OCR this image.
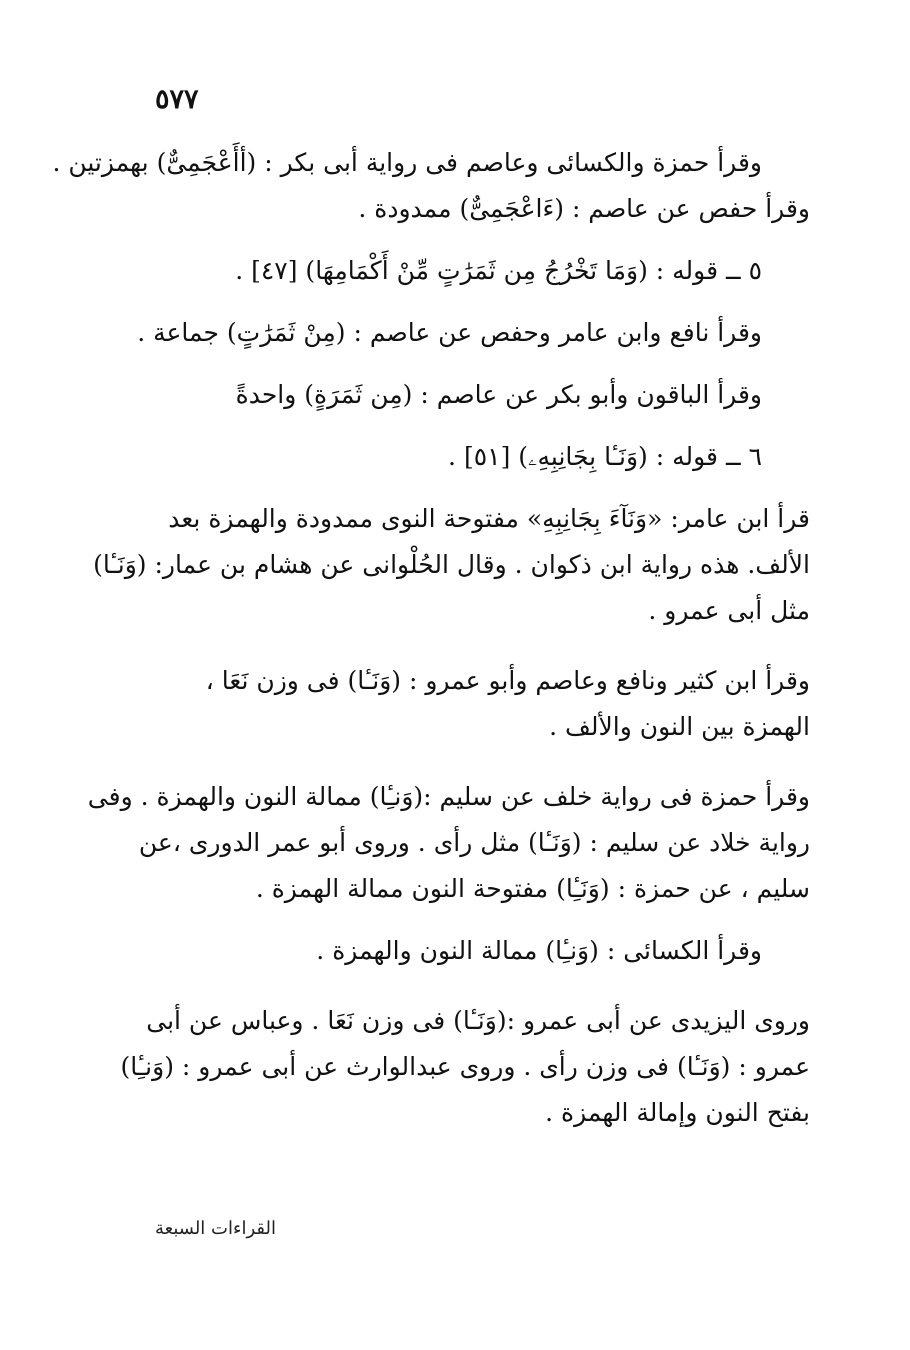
٥٧٧
وقرأ حمزة والكسائى وعاصم فى رواية أبى بكر : (أأَعْجَمِىٌّ) بهمزتين .
وقرأ حفص عن عاصم : (ءَاعْجَمِىٌّ) ممدودة .
٥ ــ قوله : (وَمَا تَخْرُجُ مِن ثَمَرَٰتٍ مِّنْ أَكْمَامِهَا) [٤٧] .
وقرأ نافع وابن عامر وحفص عن عاصم : (مِنْ ثَمَرَٰتٍ) جماعة .
وقرأ الباقون وأبو بكر عن عاصم : (مِن ثَمَرَةٍ) واحدةً
٦ ــ قوله : (وَنَـٔا بِجَانِبِهِۦ) [٥١] .
قرأ ابن عامر: «وَنَآءَ بِجَانِبِهِ» مفتوحة النوى ممدودة والهمزة بعد
الألف. هذه رواية ابن ذكوان . وقال الحُلْوانى عن هشام بن عمار: (وَنَـٔا)
مثل أبى عمرو .
وقرأ ابن كثير ونافع وعاصم وأبو عمرو : (وَنَـٔا) فى وزن نَعَا ،
الهمزة بين النون والألف .
وقرأ حمزة فى رواية خلف عن سليم :(وَنـِٔا) ممالة النون والهمزة . وفى
رواية خلاد عن سليم : (وَنَـٔا) مثل رأى . وروى أبو عمر الدورى ،عن
سليم ، عن حمزة : (وَنَـِٔا) مفتوحة النون ممالة الهمزة .
وقرأ الكسائى : (وَنـِٔا) ممالة النون والهمزة .
وروى اليزيدى عن أبى عمرو :(وَنَـٔا) فى وزن نَعَا . وعباس عن أبى
عمرو : (وَنَـٔا) فى وزن رأى . وروى عبدالوارث عن أبى عمرو : (وَنـِٔا)
بفتح النون وإمالة الهمزة .
القراءات السبعة
